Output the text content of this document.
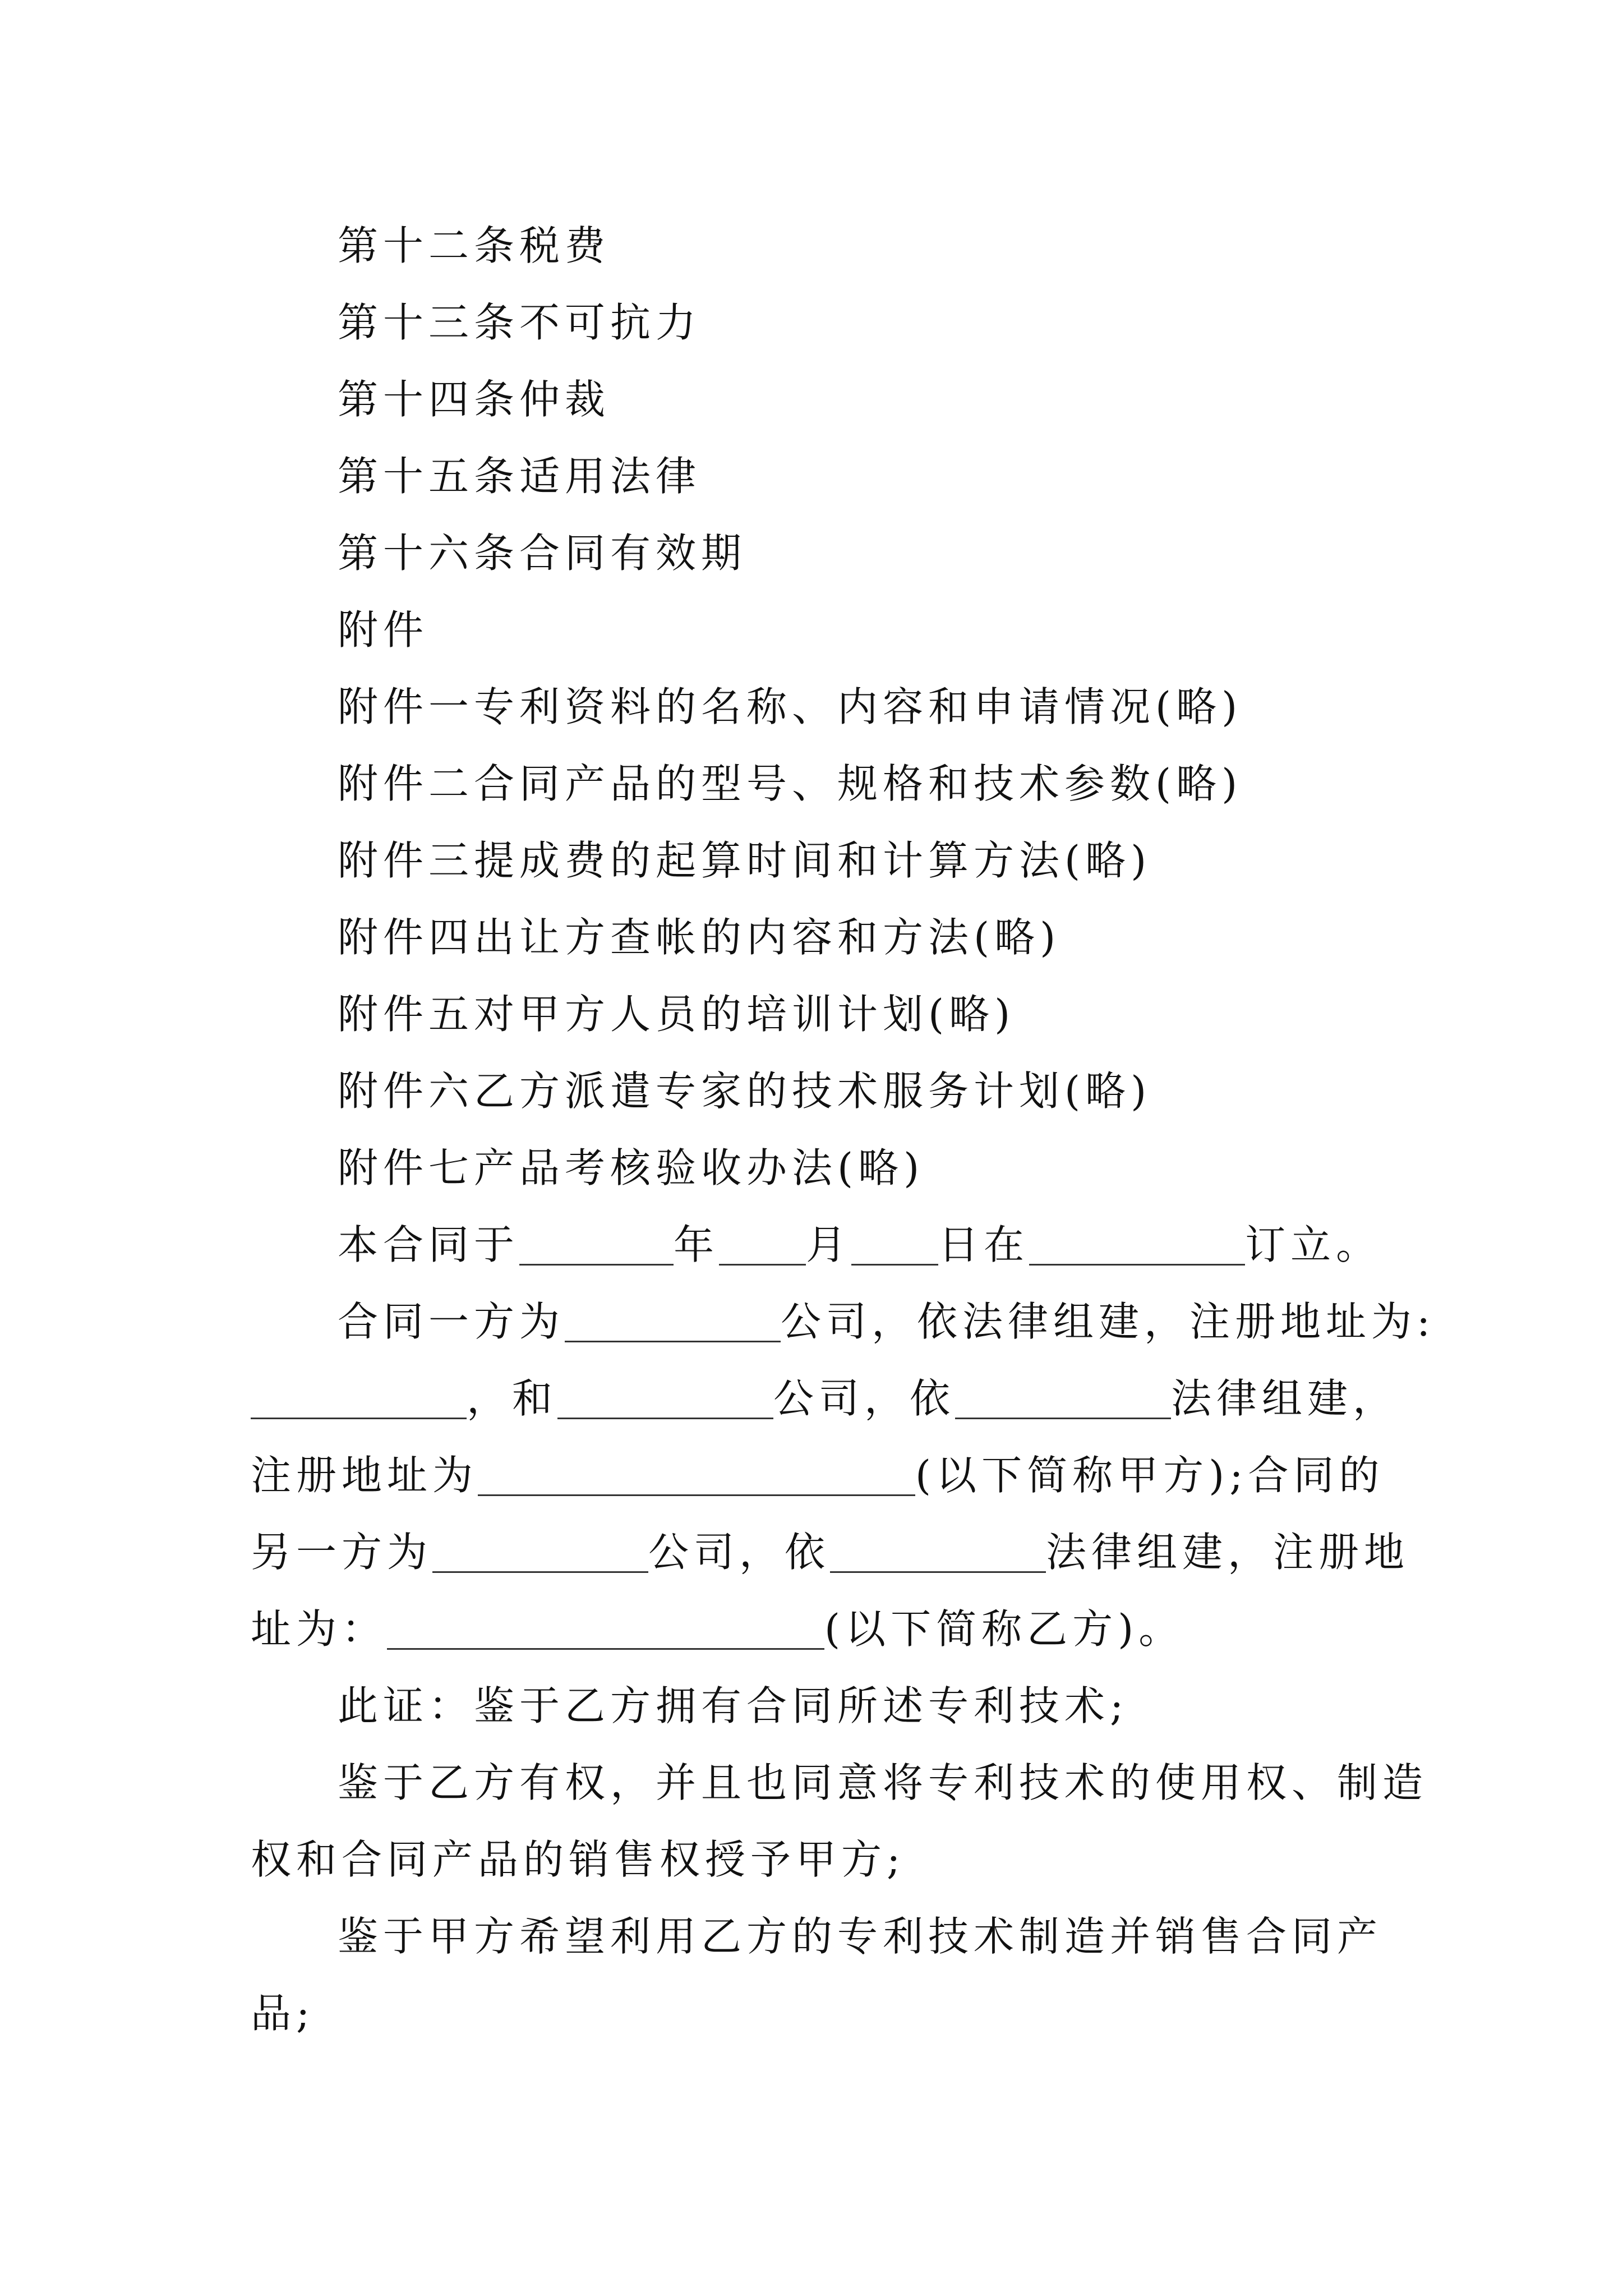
第十二条税费
第十三条不可抗力
第十四条仲裁
第十五条适用法律
第十六条合同有效期
附件
附件一专利资料的名称、内容和申请情况(略)
附件二合同产品的型号、规格和技术参数(略)
附件三提成费的起算时间和计算方法(略)
附件四出让方查帐的内容和方法(略)
附件五对甲方人员的培训计划(略)
附件六乙方派遣专家的技术服务计划(略)
附件七产品考核验收办法(略)
本合同于	年 月 日在	订立。
合同一方为	公司，依法律组建，注册地址为:
，和	公司，依	法律组建，
注册地址为	(以下简称甲方);合同的
另一方为	公司，依	法律组建，注册地
址为：	(以下简称乙方)。
此证：鉴于乙方拥有合同所述专利技术;
鉴于乙方有权，并且也同意将专利技术的使用权、制造
权和合同产品的销售权授予甲方;
鉴于甲方希望利用乙方的专利技术制造并销售合同产
品;
